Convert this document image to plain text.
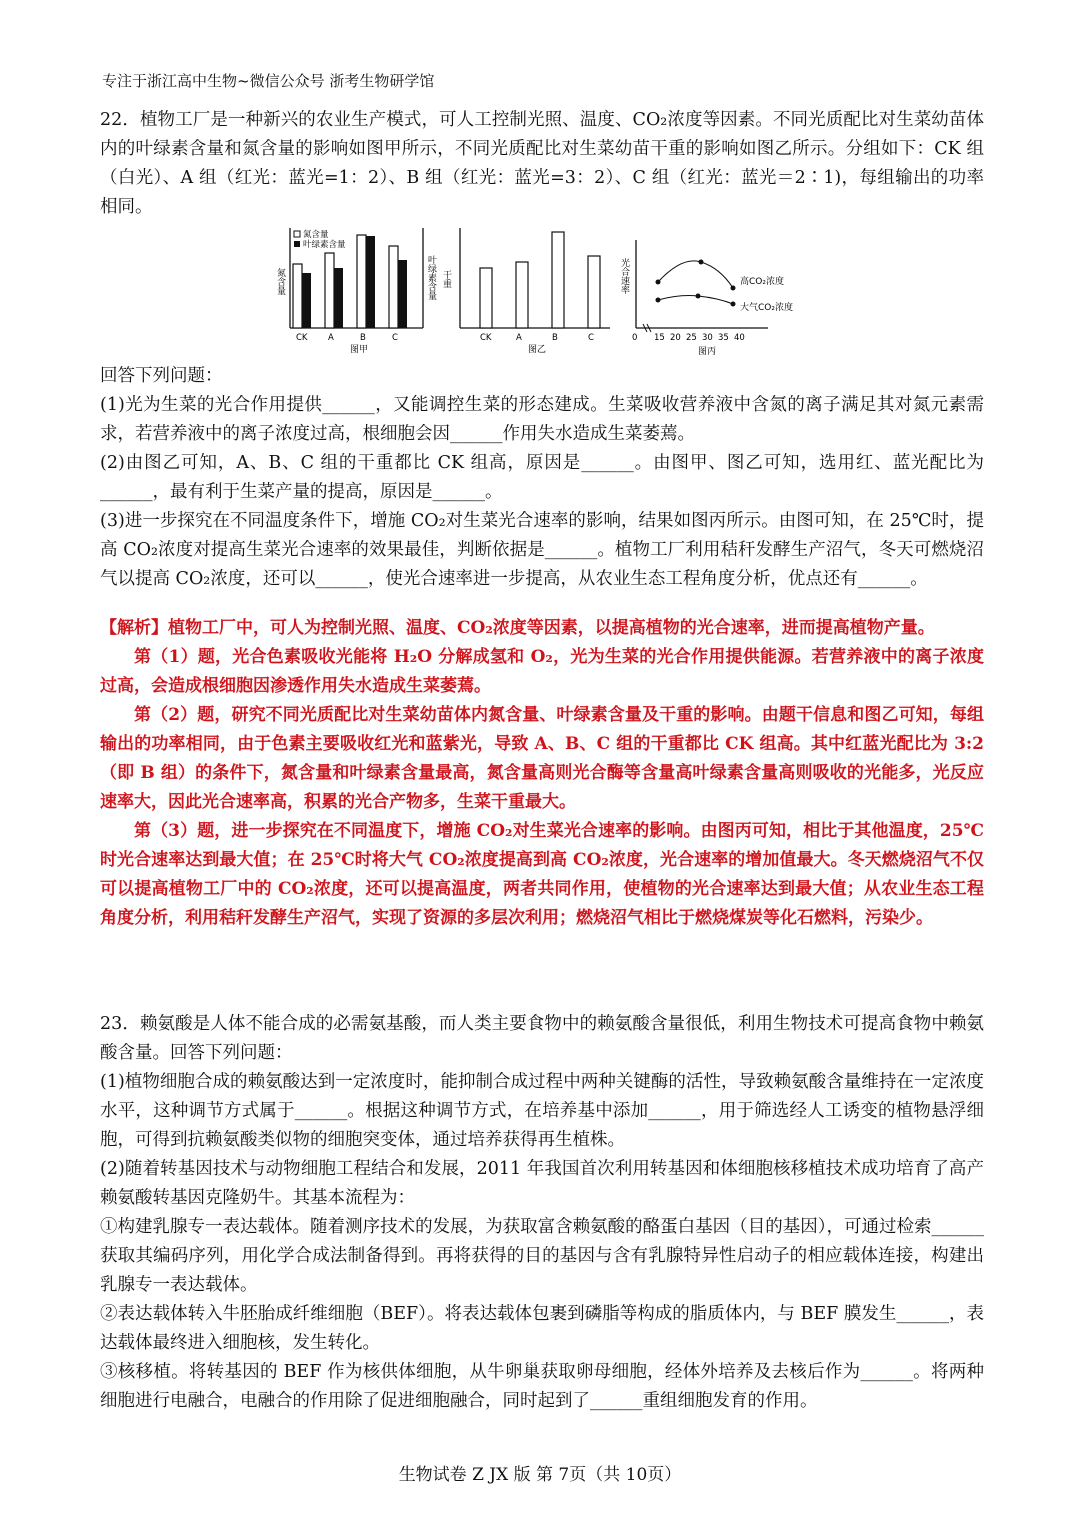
专注于浙江高中生物~微信公众号 浙考生物研学馆

22．植物工厂是一种新兴的农业生产模式，可人工控制光照、温度、CO₂浓度等因素。不同光质配比对生菜幼苗体内的叶绿素含量和氮含量的影响如图甲所示，不同光质配比对生菜幼苗干重的影响如图乙所示。分组如下：CK 组（白光）、A 组（红光：蓝光=1：2）、B 组（红光：蓝光=3：2）、C 组（红光：蓝光＝2∶1)，每组输出的功率相同。

氮含量
叶绿素含量
氮含量	叶绿素含量
CK A	B	C
图甲
干重
CK	A	B	C
图乙
光合速率
0 15 20 25 30 35 40
高CO₂浓度
大气CO₂浓度
图丙

回答下列问题：

(1)光为生菜的光合作用提供______，又能调控生菜的形态建成。生菜吸收营养液中含氮的离子满足其对氮元素需求，若营养液中的离子浓度过高，根细胞会因______作用失水造成生菜萎蔫。

(2)由图乙可知，A、B、C 组的干重都比 CK 组高，原因是______。由图甲、图乙可知，选用红、蓝光配比为______，最有利于生菜产量的提高，原因是______。

(3)进一步探究在不同温度条件下，增施 CO₂对生菜光合速率的影响，结果如图丙所示。由图可知，在 25℃时，提高 CO₂浓度对提高生菜光合速率的效果最佳，判断依据是______。植物工厂利用秸秆发酵生产沼气，冬天可燃烧沼气以提高 CO₂浓度，还可以______，使光合速率进一步提高，从农业生态工程角度分析，优点还有______。

【解析】植物工厂中，可人为控制光照、温度、CO₂浓度等因素，以提高植物的光合速率，进而提高植物产量。

第（1）题，光合色素吸收光能将 H₂O 分解成氢和 O₂，光为生菜的光合作用提供能源。若营养液中的离子浓度过高，会造成根细胞因渗透作用失水造成生菜萎蔫。

第（2）题，研究不同光质配比对生菜幼苗体内氮含量、叶绿素含量及干重的影响。由题干信息和图乙可知，每组输出的功率相同，由于色素主要吸收红光和蓝紫光，导致 A、B、C 组的干重都比 CK 组高。其中红蓝光配比为 3:2（即 B 组）的条件下，氮含量和叶绿素含量最高，氮含量高则光合酶等含量高叶绿素含量高则吸收的光能多，光反应速率大，因此光合速率高，积累的光合产物多，生菜干重最大。

第（3）题，进一步探究在不同温度下，增施 CO₂对生菜光合速率的影响。由图丙可知，相比于其他温度，25℃时光合速率达到最大值；在 25℃时将大气 CO₂浓度提高到高 CO₂浓度，光合速率的增加值最大。冬天燃烧沼气不仅可以提高植物工厂中的 CO₂浓度，还可以提高温度，两者共同作用，使植物的光合速率达到最大值；从农业生态工程角度分析，利用秸秆发酵生产沼气，实现了资源的多层次利用；燃烧沼气相比于燃烧煤炭等化石燃料，污染少。

23．赖氨酸是人体不能合成的必需氨基酸，而人类主要食物中的赖氨酸含量很低，利用生物技术可提高食物中赖氨酸含量。回答下列问题：

(1)植物细胞合成的赖氨酸达到一定浓度时，能抑制合成过程中两种关键酶的活性，导致赖氨酸含量维持在一定浓度水平，这种调节方式属于______。根据这种调节方式，在培养基中添加______，用于筛选经人工诱变的植物悬浮细胞，可得到抗赖氨酸类似物的细胞突变体，通过培养获得再生植株。

(2)随着转基因技术与动物细胞工程结合和发展，2011 年我国首次利用转基因和体细胞核移植技术成功培育了高产赖氨酸转基因克隆奶牛。其基本流程为：

①构建乳腺专一表达载体。随着测序技术的发展，为获取富含赖氨酸的酪蛋白基因（目的基因），可通过检索______获取其编码序列，用化学合成法制备得到。再将获得的目的基因与含有乳腺特异性启动子的相应载体连接，构建出乳腺专一表达载体。

②表达载体转入牛胚胎成纤维细胞（BEF）。将表达载体包裹到磷脂等构成的脂质体内，与 BEF 膜发生______，表达载体最终进入细胞核，发生转化。

③核移植。将转基因的 BEF 作为核供体细胞，从牛卵巢获取卵母细胞，经体外培养及去核后作为______。将两种细胞进行电融合，电融合的作用除了促进细胞融合，同时起到了______重组细胞发育的作用。

生物试卷 Z JX 版 第 7页（共 10页）
